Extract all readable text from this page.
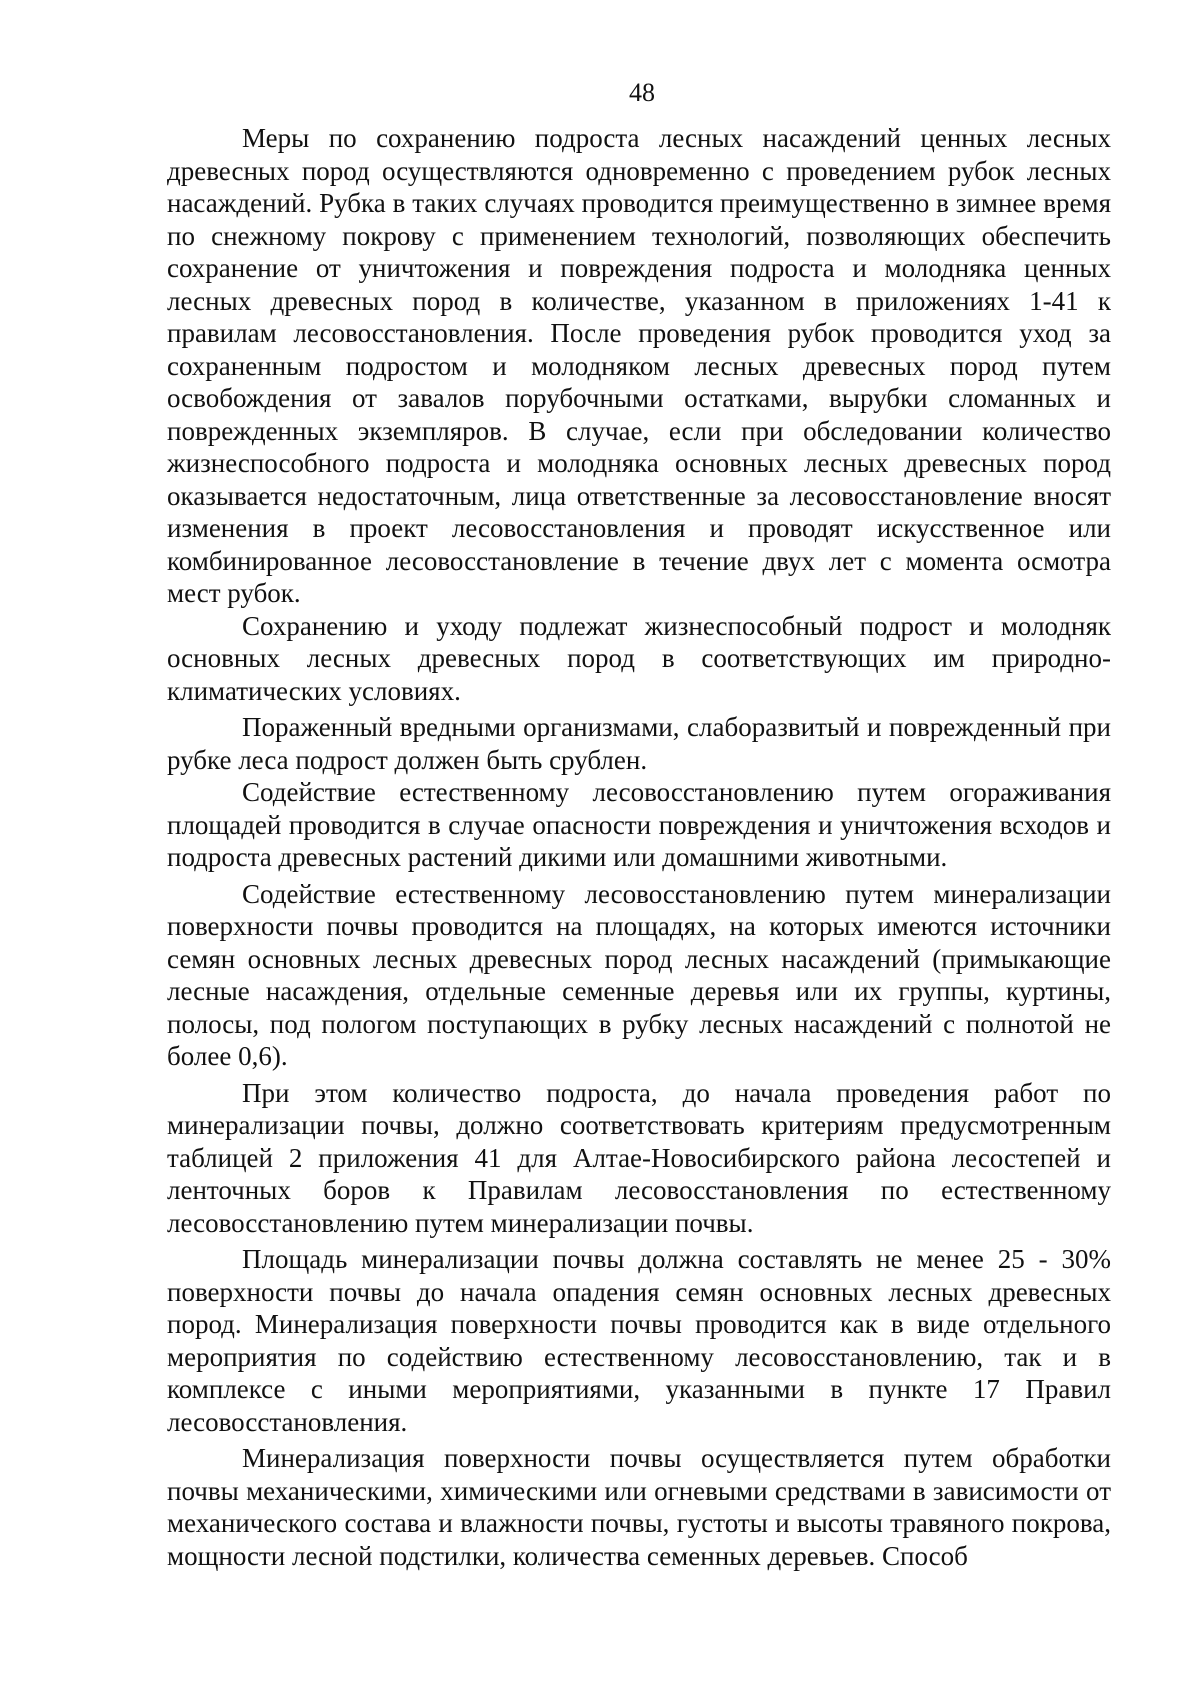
48

Меры по сохранению подроста лесных насаждений ценных лесных древесных пород осуществляются одновременно с проведением рубок лесных насаждений. Рубка в таких случаях проводится преимущественно в зимнее время по снежному покрову с применением технологий, позволяющих обеспечить сохранение от уничтожения и повреждения подроста и молодняка ценных лесных древесных пород в количестве, указанном в приложениях 1-41 к правилам лесовосстановления. После проведения рубок проводится уход за сохраненным подростом и молодняком лесных древесных пород путем освобождения от завалов порубочными остатками, вырубки сломанных и поврежденных экземпляров. В случае, если при обследовании количество жизнеспособного подроста и молодняка основных лесных древесных пород оказывается недостаточным, лица ответственные за лесовосстановление вносят изменения в проект лесовосстановления и проводят искусственное или комбинированное лесовосстановление в течение двух лет с момента осмотра мест рубок.

Сохранению и уходу подлежат жизнеспособный подрост и молодняк основных лесных древесных пород в соответствующих им природно-климатических условиях.

Пораженный вредными организмами, слаборазвитый и поврежденный при рубке леса подрост должен быть срублен.

Содействие естественному лесовосстановлению путем огораживания площадей проводится в случае опасности повреждения и уничтожения всходов и подроста древесных растений дикими или домашними животными.

Содействие естественному лесовосстановлению путем минерализации поверхности почвы проводится на площадях, на которых имеются источники семян основных лесных древесных пород лесных насаждений (примыкающие лесные насаждения, отдельные семенные деревья или их группы, куртины, полосы, под пологом поступающих в рубку лесных насаждений с полнотой не более 0,6).

При этом количество подроста, до начала проведения работ по минерализации почвы, должно соответствовать критериям предусмотренным таблицей 2 приложения 41 для Алтае-Новосибирского района лесостепей и ленточных боров к Правилам лесовосстановления по естественному лесовосстановлению путем минерализации почвы.

Площадь минерализации почвы должна составлять не менее 25 - 30% поверхности почвы до начала опадения семян основных лесных древесных пород. Минерализация поверхности почвы проводится как в виде отдельного мероприятия по содействию естественному лесовосстановлению, так и в комплексе с иными мероприятиями, указанными в пункте 17 Правил лесовосстановления.

Минерализация поверхности почвы осуществляется путем обработки почвы механическими, химическими или огневыми средствами в зависимости от механического состава и влажности почвы, густоты и высоты травяного покрова, мощности лесной подстилки, количества семенных деревьев. Способ
